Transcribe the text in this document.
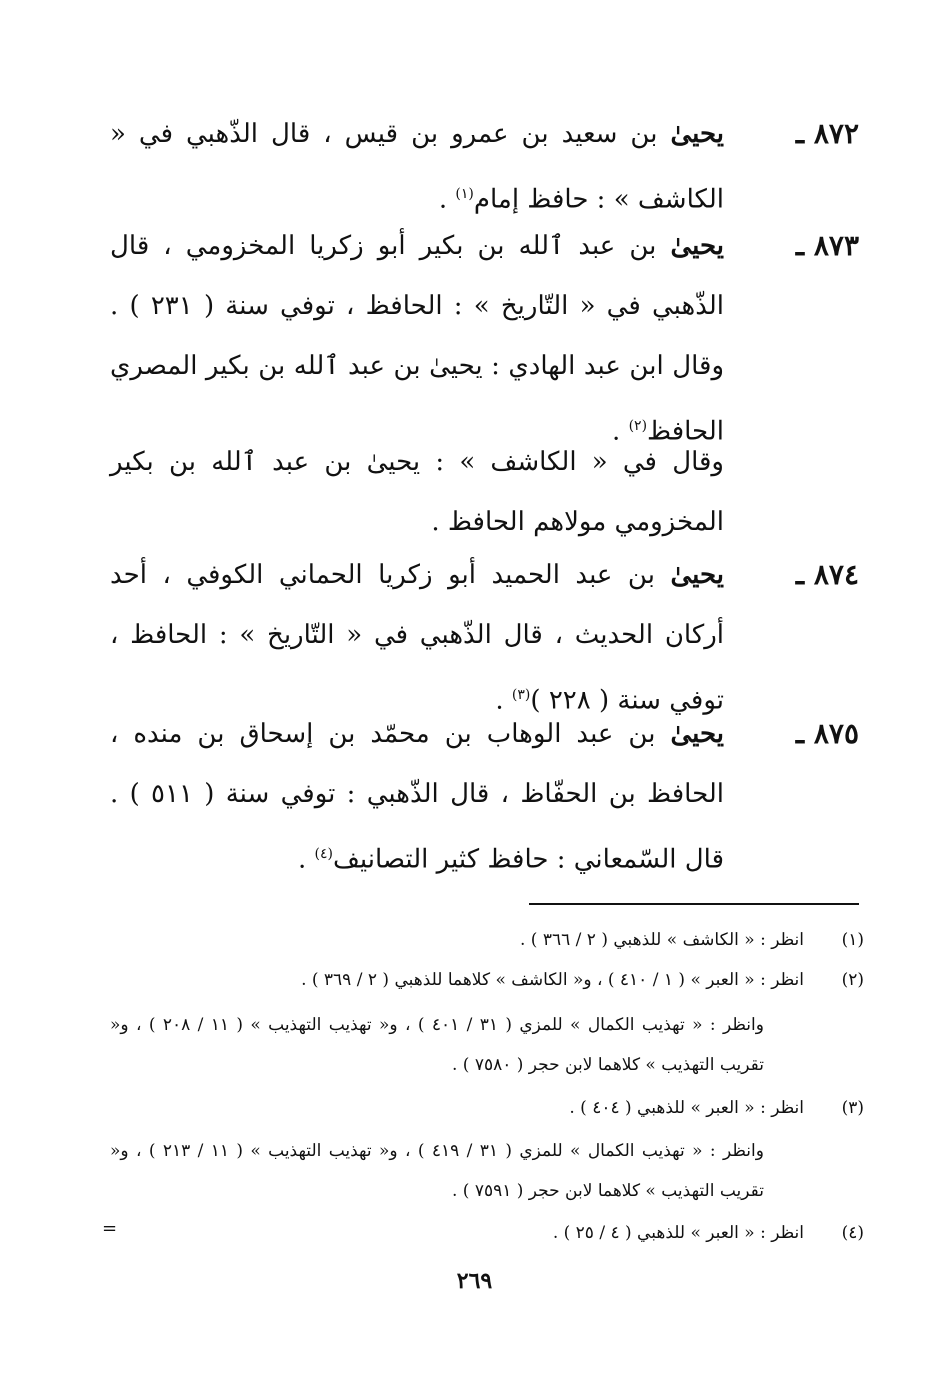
٨٧٢ ـ
يحيىٰ بن سعيد بن عمرو بن قيس ، قال الذّهبي في « الكاشف » : حافظ إمام$^{(١)}$ .
٨٧٣ ـ
يحيىٰ بن عبد ٱلله بن بكير أبو زكريا المخزومي ، قال الذّهبي في « التّاريخ » : الحافظ ، توفي سنة ( ٢٣١ ) . وقال ابن عبد الهادي : يحيىٰ بن عبد ٱلله بن بكير المصري الحافظ$^{(٢)}$ .
وقال في « الكاشف » : يحيىٰ بن عبد ٱلله بن بكير المخزومي مولاهم الحافظ .
٨٧٤ ـ
يحيىٰ بن عبد الحميد أبو زكريا الحماني الكوفي ، أحد أركان الحديث ، قال الذّهبي في « التّاريخ » : الحافظ ، توفي سنة ( ٢٢٨ )$^{(٣)}$ .
٨٧٥ ـ
يحيىٰ بن عبد الوهاب بن محمّد بن إسحاق بن منده ، الحافظ بن الحفّاظ ، قال الذّهبي : توفي سنة ( ٥١١ ) . قال السّمعاني : حافظ كثير التصانيف$^{(٤)}$ .
(١)انظر : « الكاشف » للذهبي ( ٢ / ٣٦٦ ) .
(٢)انظر : « العبر » ( ١ / ٤١٠ ) ، و« الكاشف » كلاهما للذهبي ( ٢ / ٣٦٩ ) .
وانظر : « تهذيب الكمال » للمزي ( ٣١ / ٤٠١ ) ، و« تهذيب التهذيب » ( ١١ / ٢٠٨ ) ، و« تقريب التهذيب » كلاهما لابن حجر ( ٧٥٨٠ ) .
(٣)انظر : « العبر » للذهبي ( ٤٠٤ ) .
وانظر : « تهذيب الكمال » للمزي ( ٣١ / ٤١٩ ) ، و« تهذيب التهذيب » ( ١١ / ٢١٣ ) ، و« تقريب التهذيب » كلاهما لابن حجر ( ٧٥٩١ ) .
(٤)انظر : « العبر » للذهبي ( ٤ / ٢٥ ) .
=
٢٦٩
